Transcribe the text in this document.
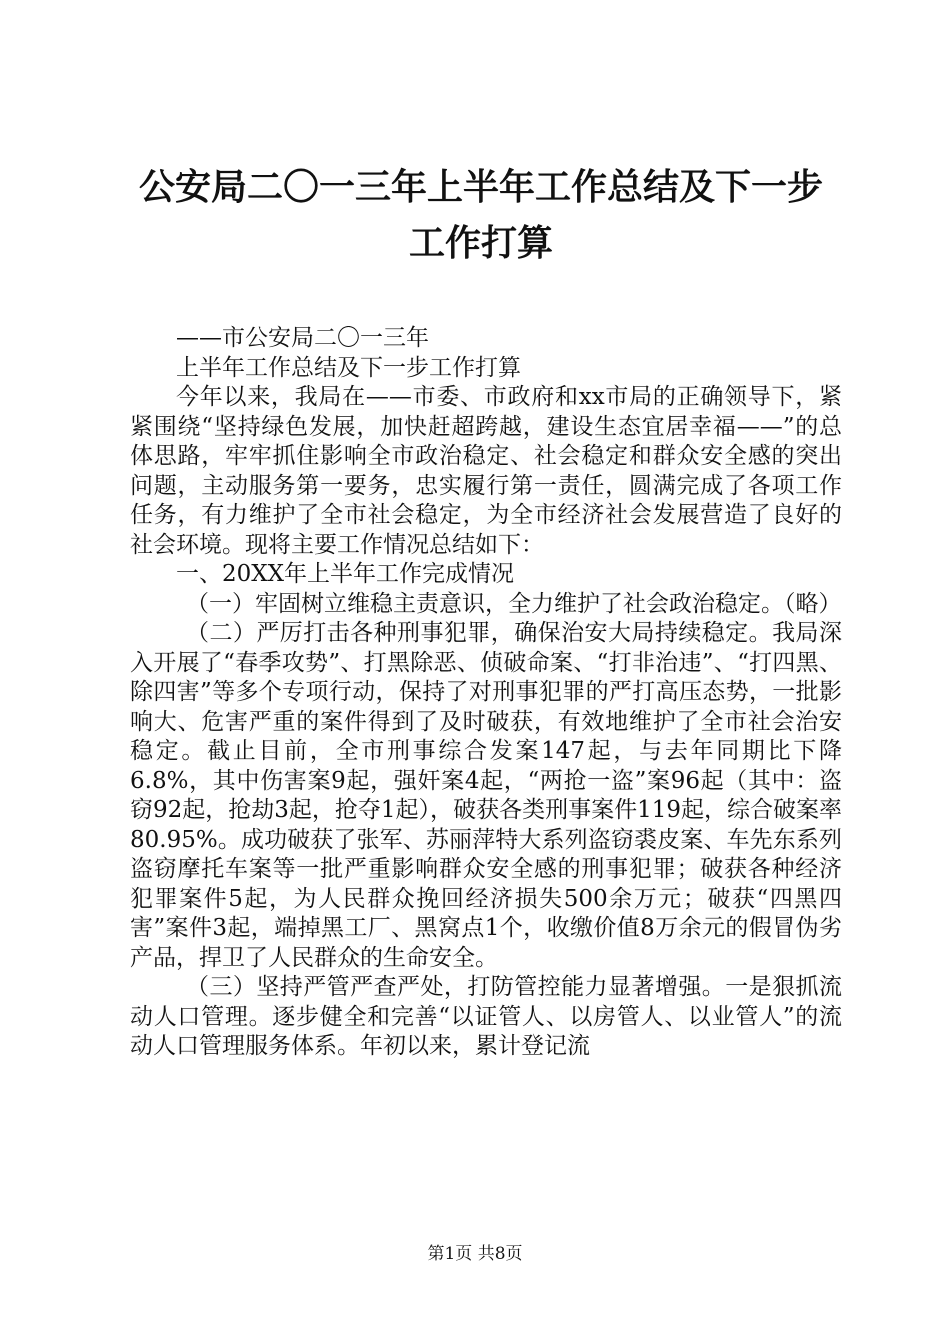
公安局二〇一三年上半年工作总结及下一步工作打算

——市公安局二〇一三年

上半年工作总结及下一步工作打算

今年以来，我局在——市委、市政府和xx市局的正确领导下，紧紧围绕“坚持绿色发展，加快赶超跨越，建设生态宜居幸福——”的总体思路，牢牢抓住影响全市政治稳定、社会稳定和群众安全感的突出问题，主动服务第一要务，忠实履行第一责任，圆满完成了各项工作任务，有力维护了全市社会稳定，为全市经济社会发展营造了良好的社会环境。现将主要工作情况总结如下：

一、20XX年上半年工作完成情况

（一）牢固树立维稳主责意识，全力维护了社会政治稳定。（略）

（二）严厉打击各种刑事犯罪，确保治安大局持续稳定。我局深入开展了“春季攻势”、打黑除恶、侦破命案、“打非治违”、“打四黑、除四害”等多个专项行动，保持了对刑事犯罪的严打高压态势，一批影响大、危害严重的案件得到了及时破获，有效地维护了全市社会治安稳定。截止目前，全市刑事综合发案147起，与去年同期比下降6.8%，其中伤害案9起，强奸案4起，“两抢一盗”案96起（其中：盗窃92起，抢劫3起，抢夺1起），破获各类刑事案件119起，综合破案率80.95%。成功破获了张军、苏丽萍特大系列盗窃裘皮案、车先东系列盗窃摩托车案等一批严重影响群众安全感的刑事犯罪；破获各种经济犯罪案件5起，为人民群众挽回经济损失500余万元；破获“四黑四害”案件3起，端掉黑工厂、黑窝点1个，收缴价值8万余元的假冒伪劣产品，捍卫了人民群众的生命安全。

（三）坚持严管严查严处，打防管控能力显著增强。一是狠抓流动人口管理。逐步健全和完善“以证管人、以房管人、以业管人”的流动人口管理服务体系。年初以来，累计登记流

第1页 共8页
